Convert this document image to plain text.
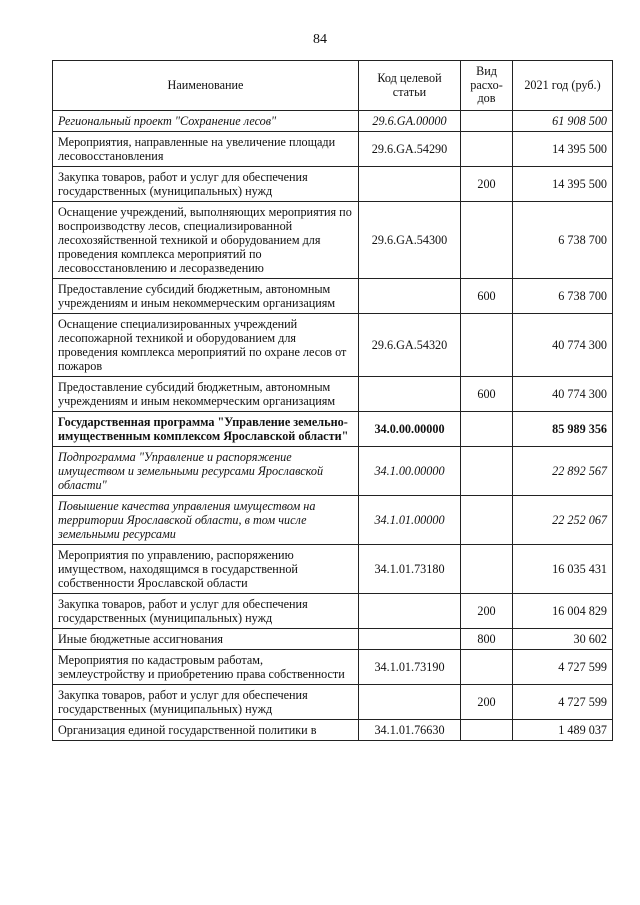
84
Наименование	Код целевой статьи	Вид расхо-дов	2021 год (руб.)
Региональный проект "Сохранение лесов"	29.6.GA.00000		61 908 500
Мероприятия, направленные на увеличение площади лесовосстановления	29.6.GA.54290		14 395 500
Закупка товаров, работ и услуг для обеспечения государственных (муниципальных) нужд		200	14 395 500
Оснащение учреждений, выполняющих мероприятия по воспроизводству лесов, специализированной лесохозяйственной техникой и оборудованием для проведения комплекса мероприятий по лесовосстановлению и лесоразведению	29.6.GA.54300		6 738 700
Предоставление субсидий бюджетным, автономным учреждениям и иным некоммерческим организациям		600	6 738 700
Оснащение специализированных учреждений лесопожарной техникой и оборудованием для проведения комплекса мероприятий по охране лесов от пожаров	29.6.GA.54320		40 774 300
Предоставление субсидий бюджетным, автономным учреждениям и иным некоммерческим организациям		600	40 774 300
Государственная программа "Управление земельно-имущественным комплексом Ярославской области"	34.0.00.00000		85 989 356
Подпрограмма "Управление и распоряжение имуществом и земельными ресурсами Ярославской области"	34.1.00.00000		22 892 567
Повышение качества управления имуществом на территории Ярославской области, в том числе земельными ресурсами	34.1.01.00000		22 252 067
Мероприятия по управлению, распоряжению имуществом, находящимся в государственной собственности Ярославской области	34.1.01.73180		16 035 431
Закупка товаров, работ и услуг для обеспечения государственных (муниципальных) нужд		200	16 004 829
Иные бюджетные ассигнования		800	30 602
Мероприятия по кадастровым работам, землеустройству и приобретению права собственности	34.1.01.73190		4 727 599
Закупка товаров, работ и услуг для обеспечения государственных (муниципальных) нужд		200	4 727 599
Организация единой государственной политики в	34.1.01.76630		1 489 037
